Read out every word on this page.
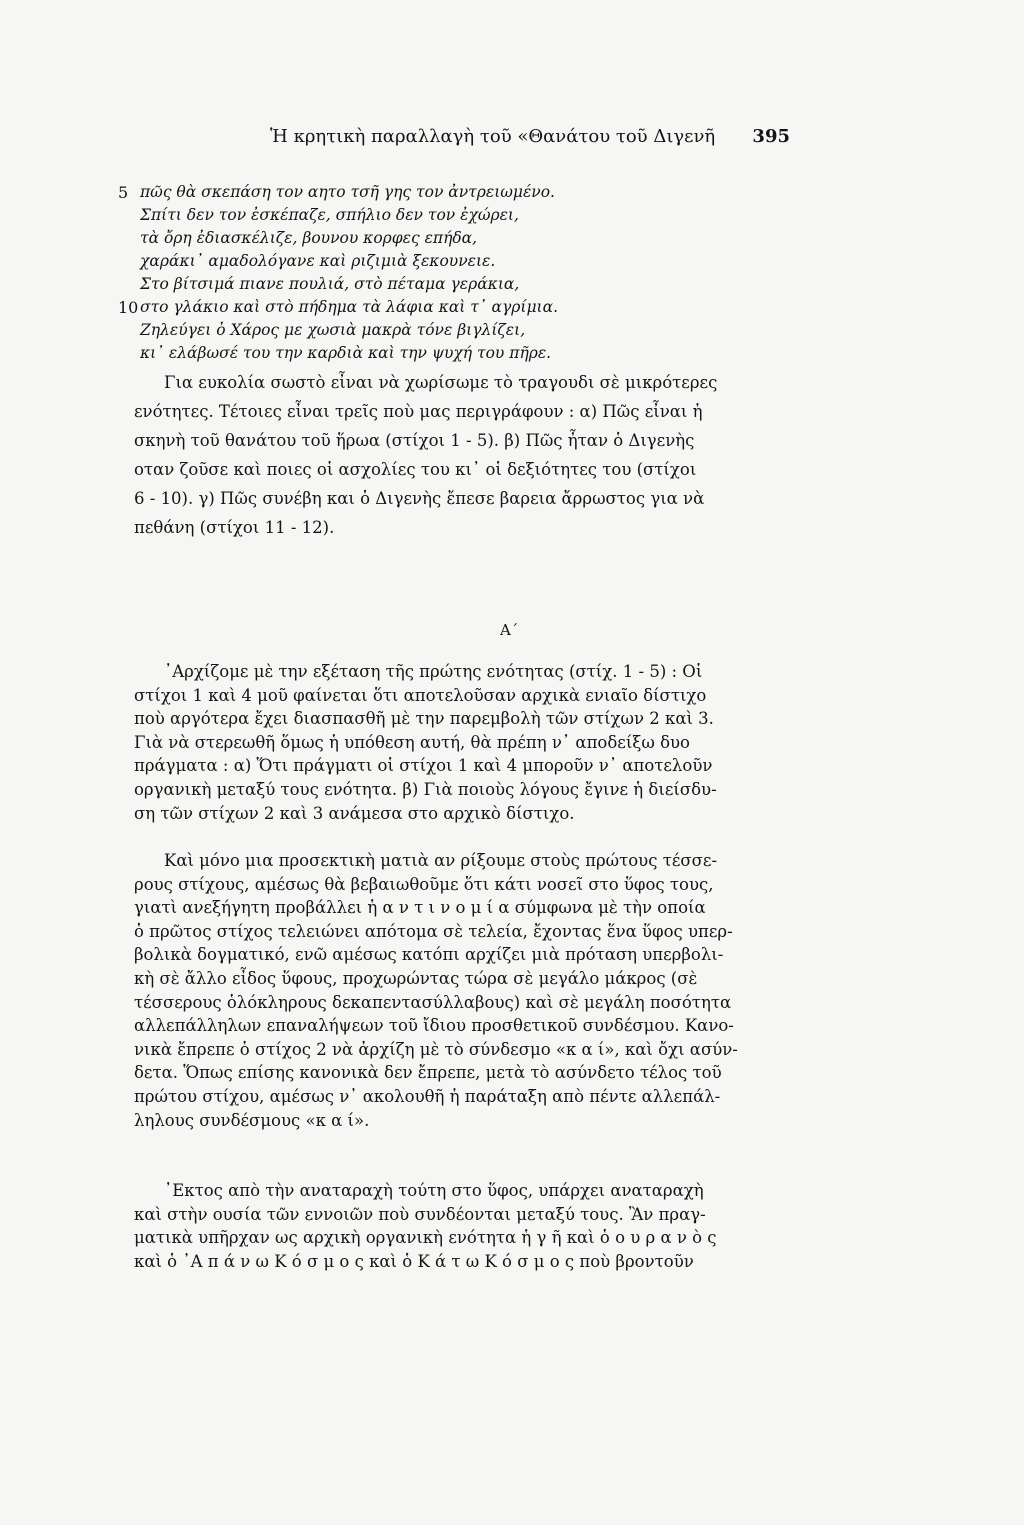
Ἡ κρητικὴ παραλλαγὴ τοῦ «Θανάτου τοῦ Διγενῆ 395
5 πῶς θὰ σκεπάση τον αητο τσῆ γης τον ἀντρειωμένο.
Σπίτι δεν τον ἐσκέπαζε, σπήλιο δεν τον ἐχώρει,
τὰ ὄρη ἐδιασκέλιζε, βουνου κορφες επήδα,
χαράκι᾽ αμαδολόγανε καὶ ριζιμιὰ ξεκουνειε.
Στο βίτσιμά πιανε πουλιά, στὸ πέταμα γεράκια,
10 στο γλάκιο καὶ στὸ πήδημα τὰ λάφια καὶ τ᾽ αγρίμια.
Ζηλεύγει ὁ Χάρος με χωσιὰ μακρὰ τόνε βιγλίζει,
κι᾽ ελάβωσέ του την καρδιὰ καὶ την ψυχή του πῆρε.

Για ευκολία σωστὸ εἶναι νὰ χωρίσωμε τὸ τραγουδι σὲ μικρότερες

ενότητες. Τέτοιες εἶναι τρεῖς ποὺ μας περιγράφουν : α) Πῶς εἶναι ἡ

σκηνὴ τοῦ θανάτου τοῦ ἥρωα (στίχοι 1 - 5). β) Πῶς ἦταν ὁ Διγενὴς

οταν ζοῦσε καὶ ποιες οἱ ασχολίες του κι᾽ οἱ δεξιότητες του (στίχοι

6 - 10). γ) Πῶς συνέβη και ὁ Διγενὴς ἔπεσε βαρεια ἄρρωστος για νὰ

πεθάνη (στίχοι 11 - 12).

Α΄

᾽Αρχίζομε μὲ την εξέταση τῆς πρώτης ενότητας (στίχ. 1 - 5) : Οἱ

στίχοι 1 καὶ 4 μοῦ φαίνεται ὅτι αποτελοῦσαν αρχικὰ ενιαῖο δίστιχο

ποὺ αργότερα ἔχει διασπασθῆ μὲ την παρεμβολὴ τῶν στίχων 2 καὶ 3.

Γιὰ νὰ στερεωθῆ ὅμως ἡ υπόθεση αυτή, θὰ πρέπη ν᾽ αποδείξω δυο

πράγματα : α) Ὅτι πράγματι οἱ στίχοι 1 καὶ 4 μποροῦν ν᾽ αποτελοῦν

οργανικὴ μεταξύ τους ενότητα. β) Γιὰ ποιοὺς λόγους ἔγινε ἡ διείσδυ-

ση τῶν στίχων 2 καὶ 3 ανάμεσα στο αρχικὸ δίστιχο.

Καὶ μόνο μια προσεκτικὴ ματιὰ αν ρίξουμε στοὺς πρώτους τέσσε-

ρους στίχους, αμέσως θὰ βεβαιωθοῦμε ὅτι κάτι νοσεῖ στο ὕφος τους,

γιατὶ ανεξήγητη προβάλλει ἡ α ν τ ι ν ο μ ί α σύμφωνα μὲ τὴν οποία

ὁ πρῶτος στίχος τελειώνει απότομα σὲ τελεία, ἔχοντας ἕνα ὕφος υπερ-

βολικὰ δογματικό, ενῶ αμέσως κατόπι αρχίζει μιὰ πρόταση υπερβολι-

κὴ σὲ ἄλλο εἶδος ὕφους, προχωρώντας τώρα σὲ μεγάλο μάκρος (σὲ

τέσσερους ὁλόκληρους δεκαπεντασύλλαβους) καὶ σὲ μεγάλη ποσότητα

αλλεπάλληλων επαναλήψεων τοῦ ἴδιου προσθετικοῦ συνδέσμου. Κανο-

νικὰ ἔπρεπε ὁ στίχος 2 νὰ ἀρχίζη μὲ τὸ σύνδεσμο «κ α ί», καὶ ὄχι ασύν-

δετα. Ὅπως επίσης κανονικὰ δεν ἔπρεπε, μετὰ τὸ ασύνδετο τέλος τοῦ

πρώτου στίχου, αμέσως ν᾽ ακολουθῆ ἡ παράταξη απὸ πέντε αλλεπάλ-

ληλους συνδέσμους «κ α ί».

᾽Εκτος απὸ τὴν αναταραχὴ τούτη στο ὕφος, υπάρχει αναταραχὴ

καὶ στὴν ουσία τῶν εννοιῶν ποὺ συνδέονται μεταξύ τους. Ἂν πραγ-

ματικὰ υπῆρχαν ως αρχικὴ οργανικὴ ενότητα ἡ γ ῆ καὶ ὁ ο υ ρ α ν ὸ ς

καὶ ὁ ᾽Α π ά ν ω Κ ό σ μ ο ς καὶ ὁ Κ ά τ ω Κ ό σ μ ο ς ποὺ βροντοῦν
